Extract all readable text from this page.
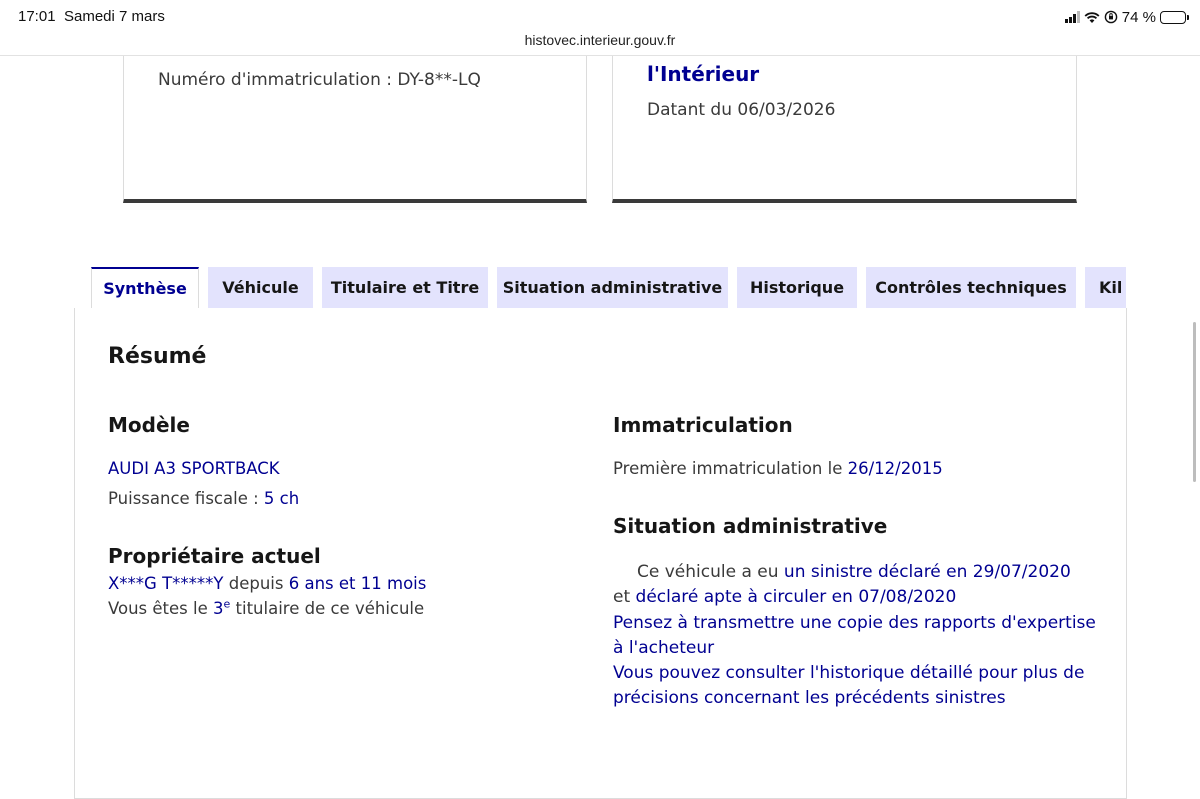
17:01 Samedi 7 mars	74 %
histovec.interieur.gouv.fr
Numéro d'immatriculation : DY-8**-LQ	l'Intérieur
Datant du 06/03/2026
Synthèse	Véhicule	Titulaire et Titre	Situation administrative	Historique	Contrôles techniques	Kil
Résumé
Modèle
AUDI A3 SPORTBACK
Puissance fiscale : 5 ch
Propriétaire actuel
X***G T*****Y depuis 6 ans et 11 mois
Vous êtes le 3e titulaire de ce véhicule
Immatriculation
Première immatriculation le 26/12/2015
Situation administrative
Ce véhicule a eu un sinistre déclaré en 29/07/2020
et déclaré apte à circuler en 07/08/2020
Pensez à transmettre une copie des rapports d'expertise à l'acheteur
Vous pouvez consulter l'historique détaillé pour plus de précisions concernant les précédents sinistres
